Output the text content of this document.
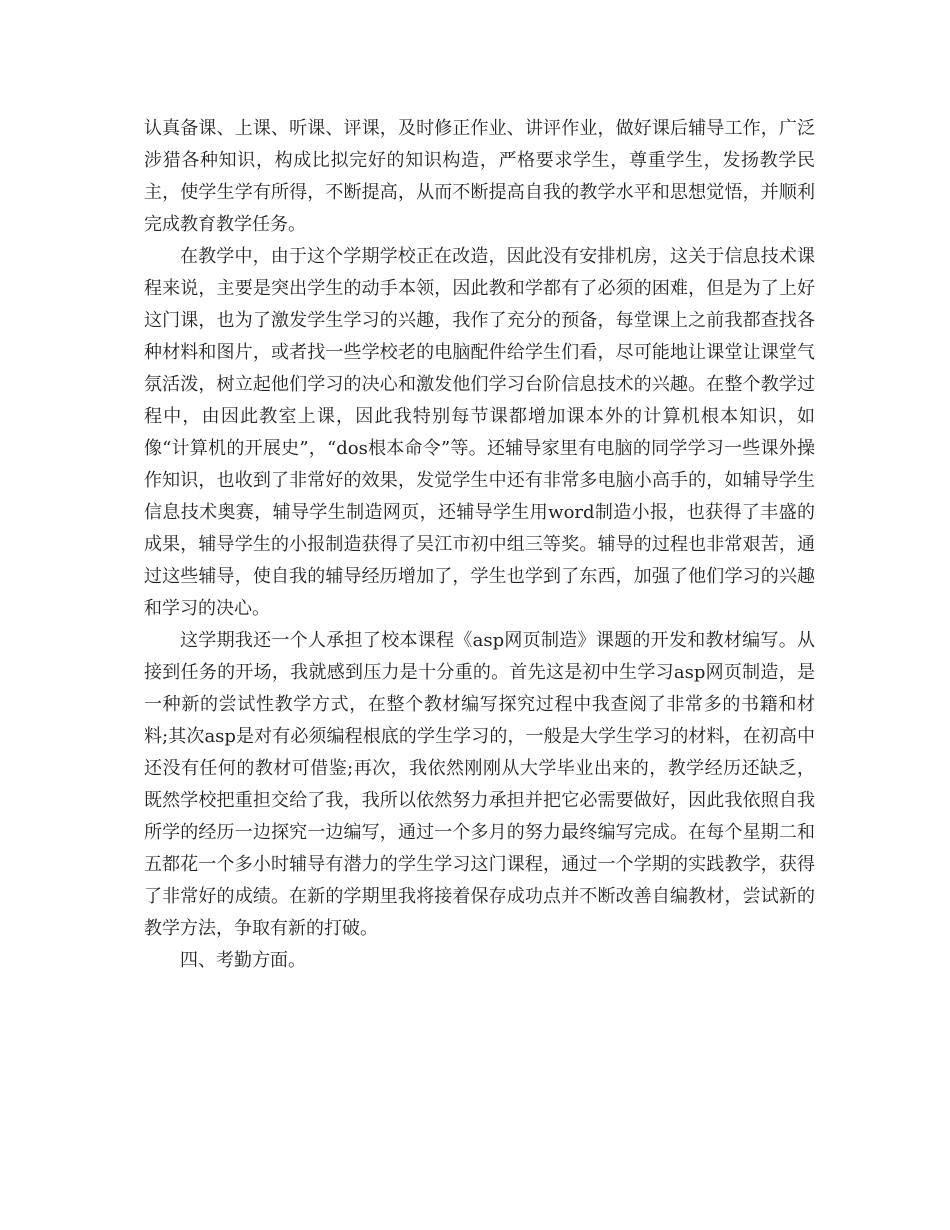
认真备课、上课、听课、评课，及时修正作业、讲评作业，做好课后辅导工作，广泛涉猎各种知识，构成比拟完好的知识构造，严格要求学生，尊重学生，发扬教学民主，使学生学有所得，不断提高，从而不断提高自我的教学水平和思想觉悟，并顺利完成教育教学任务。

在教学中，由于这个学期学校正在改造，因此没有安排机房，这关于信息技术课程来说，主要是突出学生的动手本领，因此教和学都有了必须的困难，但是为了上好这门课，也为了激发学生学习的兴趣，我作了充分的预备，每堂课上之前我都查找各种材料和图片，或者找一些学校老的电脑配件给学生们看，尽可能地让课堂让课堂气氛活泼，树立起他们学习的决心和激发他们学习台阶信息技术的兴趣。在整个教学过程中，由因此教室上课，因此我特别每节课都增加课本外的计算机根本知识，如像“计算机的开展史”，“dos根本命令”等。还辅导家里有电脑的同学学习一些课外操作知识，也收到了非常好的效果，发觉学生中还有非常多电脑小高手的，如辅导学生信息技术奥赛，辅导学生制造网页，还辅导学生用word制造小报，也获得了丰盛的成果，辅导学生的小报制造获得了吴江市初中组三等奖。辅导的过程也非常艰苦，通过这些辅导，使自我的辅导经历增加了，学生也学到了东西，加强了他们学习的兴趣和学习的决心。

这学期我还一个人承担了校本课程《asp网页制造》课题的开发和教材编写。从接到任务的开场，我就感到压力是十分重的。首先这是初中生学习asp网页制造，是一种新的尝试性教学方式，在整个教材编写探究过程中我查阅了非常多的书籍和材料;其次asp是对有必须编程根底的学生学习的，一般是大学生学习的材料，在初高中还没有任何的教材可借鉴;再次，我依然刚刚从大学毕业出来的，教学经历还缺乏，既然学校把重担交给了我，我所以依然努力承担并把它必需要做好，因此我依照自我所学的经历一边探究一边编写，通过一个多月的努力最终编写完成。在每个星期二和五都花一个多小时辅导有潜力的学生学习这门课程，通过一个学期的实践教学，获得了非常好的成绩。在新的学期里我将接着保存成功点并不断改善自编教材，尝试新的教学方法，争取有新的打破。

四、考勤方面。
